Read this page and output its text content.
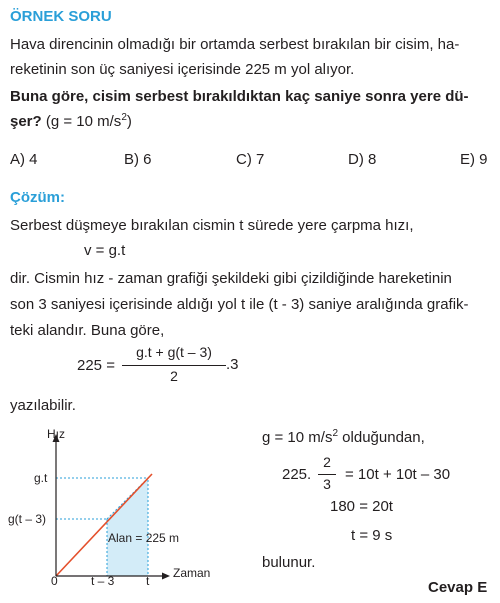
ÖRNEK SORU
Hava direncinin olmadığı bir ortamda serbest bırakılan bir cisim, ha-
reketinin son üç saniyesi içerisinde 225 m yol alıyor.
Buna göre, cisim serbest bırakıldıktan kaç saniye sonra yere dü-
şer? (g = 10 $m/s^2$)
A) 4	B) 6	C) 7	D) 8	E) 9
Çözüm:
Serbest düşmeye bırakılan cismin t sürede yere çarpma hızı,
v = g.t
dir. Cismin hız - zaman grafiği şekildeki gibi çizildiğinde hareketinin
son 3 saniyesi içerisinde aldığı yol t ile (t - 3) saniye aralığında grafik-
teki alandır. Buna göre,
225 =
g.t + g(t – 3)
2
.3
yazılabilir.
Hız
Zaman
g.t
g(t – 3)
0	t – 3	t
Alan = 225 m
g = 10 $m/s^2$ olduğundan,
225.
2
3
= 10t + 10t – 30
180 = 20t
t = 9 s
bulunur.
Cevap E
